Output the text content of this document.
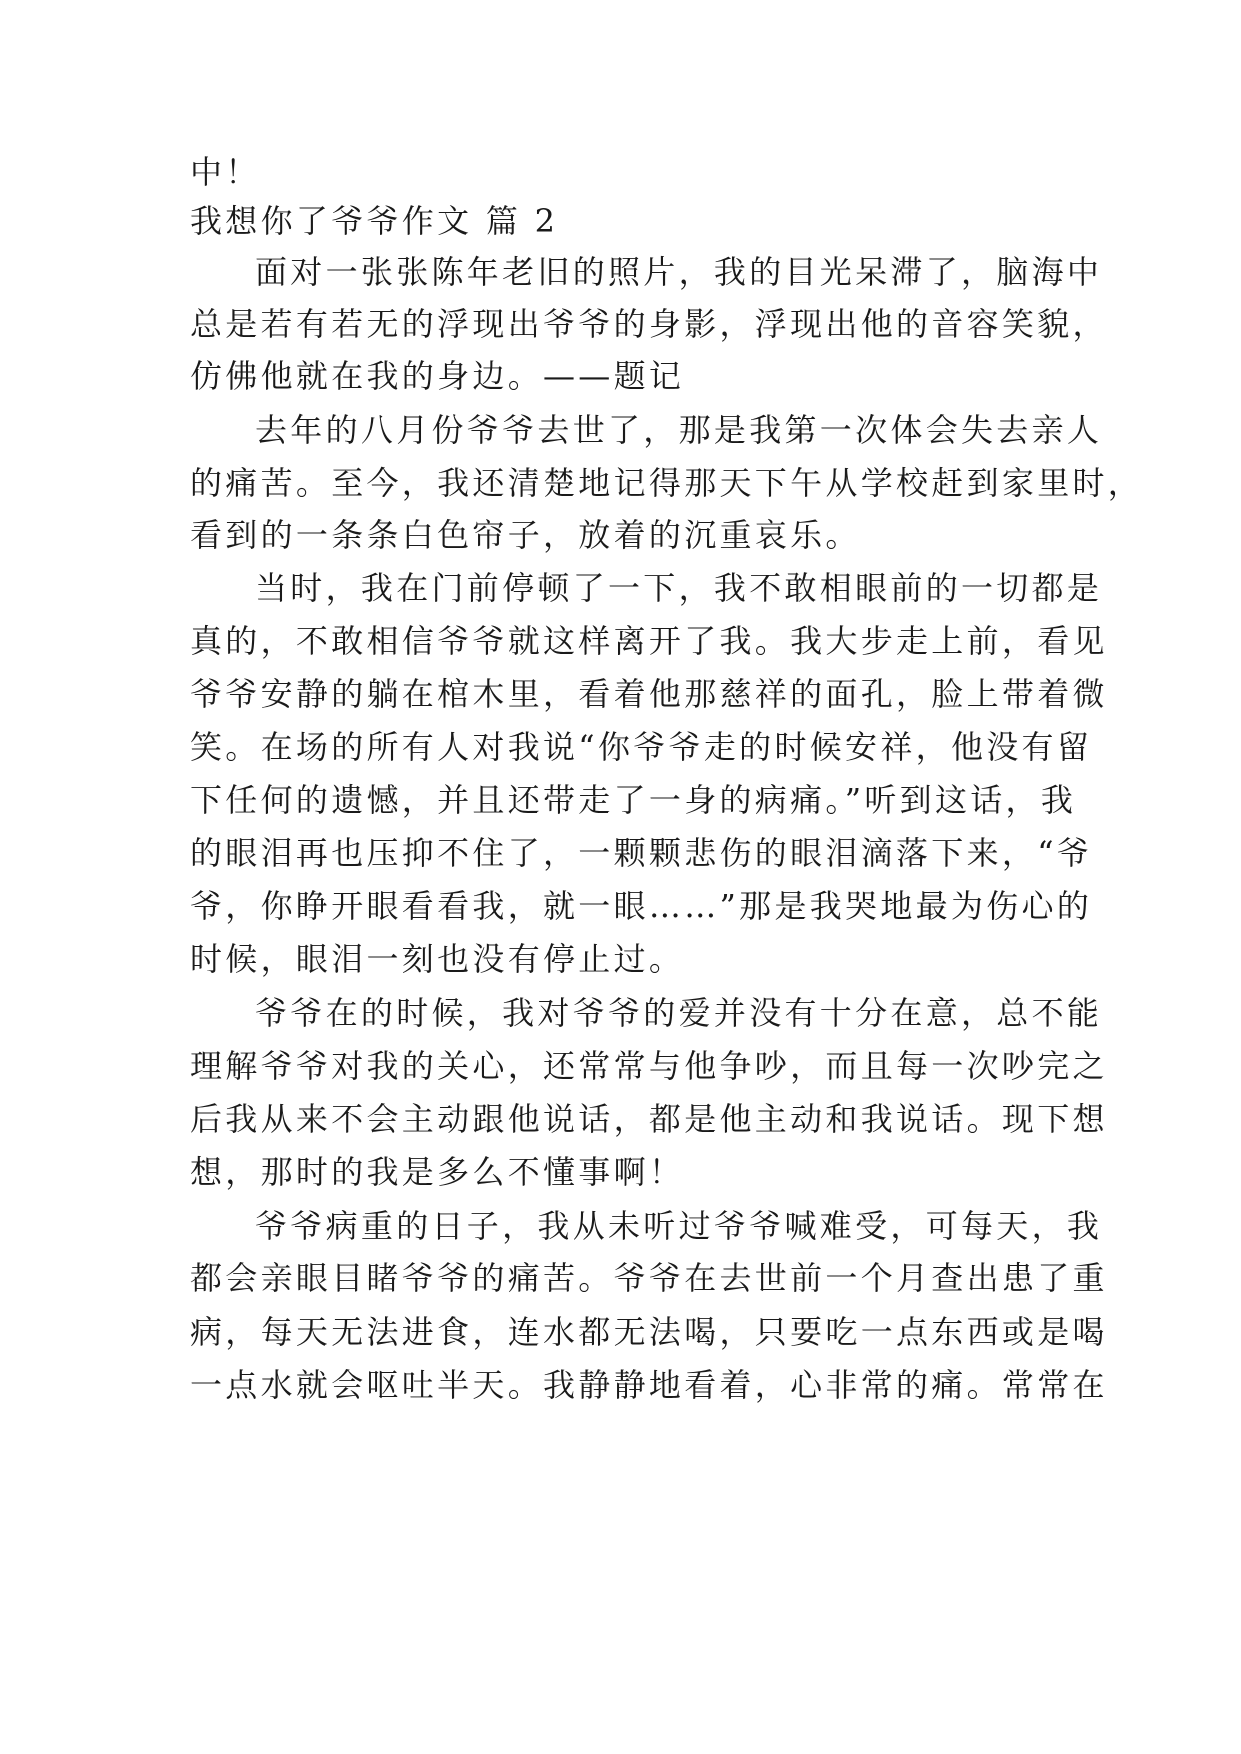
中！
我想你了爷爷作文 篇 2
面对一张张陈年老旧的照片，我的目光呆滞了，脑海中
总是若有若无的浮现出爷爷的身影，浮现出他的音容笑貌，
仿佛他就在我的身边。——题记
去年的八月份爷爷去世了，那是我第一次体会失去亲人
的痛苦。至今，我还清楚地记得那天下午从学校赶到家里时，
看到的一条条白色帘子，放着的沉重哀乐。
当时，我在门前停顿了一下，我不敢相眼前的一切都是
真的，不敢相信爷爷就这样离开了我。我大步走上前，看见
爷爷安静的躺在棺木里，看着他那慈祥的面孔，脸上带着微
笑。在场的所有人对我说“你爷爷走的时候安祥，他没有留
下任何的遗憾，并且还带走了一身的病痛。”听到这话，我
的眼泪再也压抑不住了，一颗颗悲伤的眼泪滴落下来，“爷
爷，你睁开眼看看我，就一眼……”那是我哭地最为伤心的
时候，眼泪一刻也没有停止过。
爷爷在的时候，我对爷爷的爱并没有十分在意，总不能
理解爷爷对我的关心，还常常与他争吵，而且每一次吵完之
后我从来不会主动跟他说话，都是他主动和我说话。现下想
想，那时的我是多么不懂事啊！
爷爷病重的日子，我从未听过爷爷喊难受，可每天，我
都会亲眼目睹爷爷的痛苦。爷爷在去世前一个月查出患了重
病，每天无法进食，连水都无法喝，只要吃一点东西或是喝
一点水就会呕吐半天。我静静地看着，心非常的痛。常常在
